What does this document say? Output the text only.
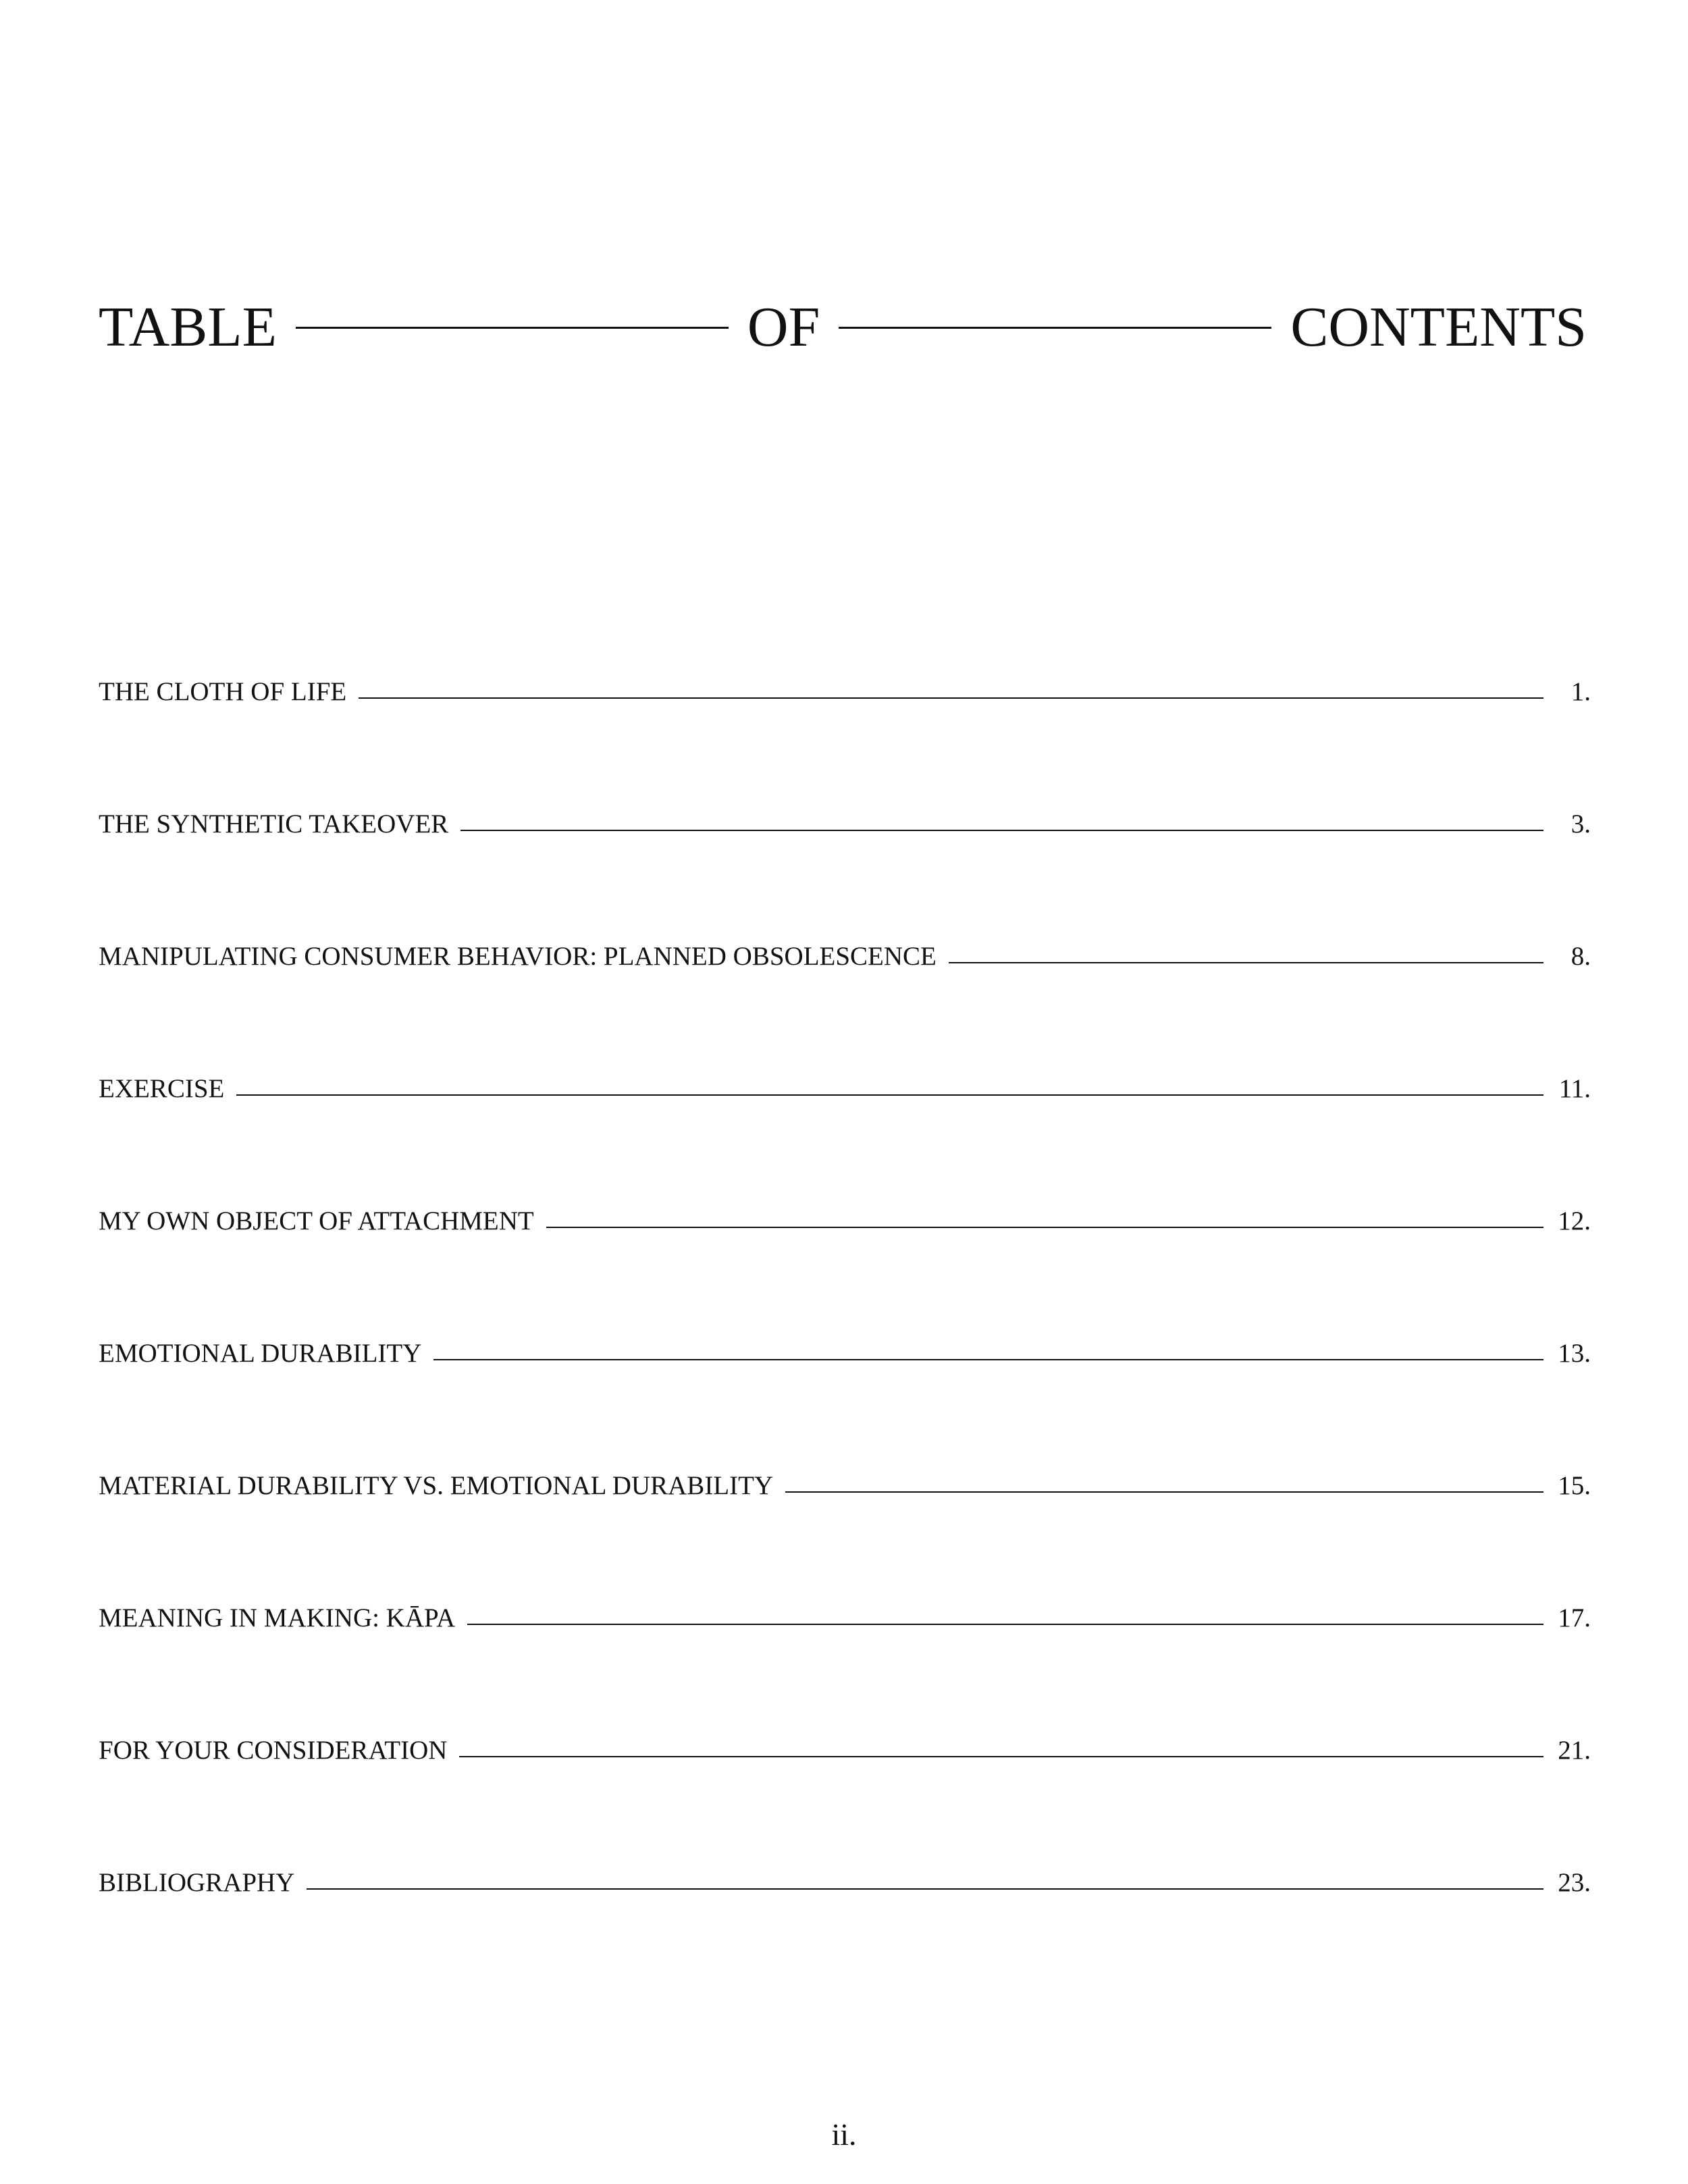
TABLE	OF	CONTENTS
THE CLOTH OF LIFE	1.
THE SYNTHETIC TAKEOVER	3.
MANIPULATING CONSUMER BEHAVIOR: PLANNED OBSOLESCENCE	8.
EXERCISE	11.
MY OWN OBJECT OF ATTACHMENT	12.
EMOTIONAL DURABILITY	13.
MATERIAL DURABILITY VS. EMOTIONAL DURABILITY	15.
MEANING IN MAKING: KĀPA	17.
FOR YOUR CONSIDERATION	21.
BIBLIOGRAPHY	23.
ii.
